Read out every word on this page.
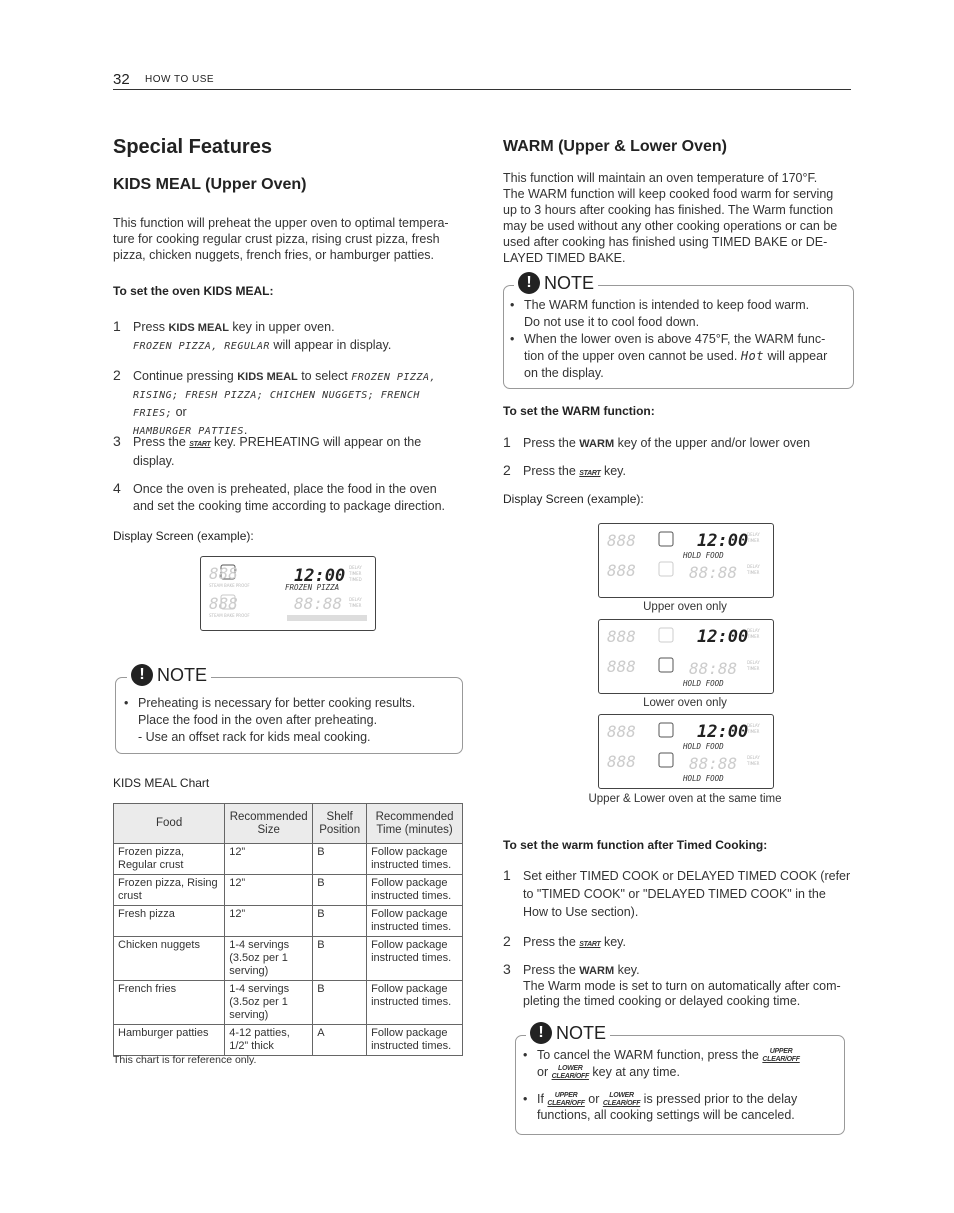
32 HOW TO USE
Special Features
KIDS MEAL (Upper Oven)
This function will preheat the upper oven to optimal tempera-
ture for cooking regular crust pizza, rising crust pizza, fresh
pizza, chicken nuggets, french fries, or hamburger patties.
To set the oven KIDS MEAL:
1 Press KIDS MEAL key in upper oven.
FROZEN PIZZA, REGULAR will appear in display.
2 Continue pressing KIDS MEAL to select FROZEN PIZZA,
RISING; FRESH PIZZA; CHICHEN NUGGETS; FRENCH FRIES; or
HAMBURGER PATTIES.
3 Press the START key. PREHEATING will appear on the
display.
4 Once the oven is preheated, place the food in the oven
and set the cooking time according to package direction.
Display Screen (example):
888
888	88:88
STEAM BAKE PROOF
STEAM BAKE PROOF
DELAY
TIMER
TIMED
DELAY
TIMER
12:00
FROZEN PIZZA
! NOTE
• Preheating is necessary for better cooking results.
Place the food in the oven after preheating.
- Use an offset rack for kids meal cooking.
KIDS MEAL Chart
Food	Recommended Size	Shelf Position	Recommended Time (minutes)
Frozen pizza, Regular crust	12”	B	Follow package instructed times.
Frozen pizza, Rising crust	12”	B	Follow package instructed times.
Fresh pizza	12”	B	Follow package instructed times.
Chicken nuggets	1-4 servings (3.5oz per 1 serving)	B	Follow package instructed times.
French fries	1-4 servings (3.5oz per 1 serving)	B	Follow package instructed times.
Hamburger patties	4-12 patties, 1/2” thick	A	Follow package instructed times.
This chart is for reference only.
WARM (Upper & Lower Oven)
This function will maintain an oven temperature of 170°F.
The WARM function will keep cooked food warm for serving
up to 3 hours after cooking has finished. The Warm function
may be used without any other cooking operations or can be
used after cooking has finished using TIMED BAKE or DE-
LAYED TIMED BAKE.
! NOTE
• The WARM function is intended to keep food warm.
Do not use it to cool food down.
• When the lower oven is above 475°F, the WARM func-
tion of the upper oven cannot be used. Hot will appear
on the display.
To set the WARM function:
1 Press the WARM key of the upper and/or lower oven
2 Press the START key.
Display Screen (example):
888
888
12:00
HOLD FOOD
88:88
DELAY
TIMER
DELAY
TIMER
Upper oven only
888
888
12:00
88:88
HOLD FOOD
DELAY
TIMER
DELAY
TIMER
Lower oven only
888
888
12:00
HOLD FOOD
88:88
HOLD FOOD
DELAY
TIMER
DELAY
TIMER
Upper & Lower oven at the same time
To set the warm function after Timed Cooking:
1 Set either TIMED COOK or DELAYED TIMED COOK (refer
to "TIMED COOK" or "DELAYED TIMED COOK" in the
How to Use section).
2 Press the START key.
3 Press the WARM key.
The Warm mode is set to turn on automatically after com-
pleting the timed cooking or delayed cooking time.
! NOTE
• To cancel the WARM function, press the	UPPER
CLEAR/OFF
or LOWER
CLEAR/OFF key at any time.
• If	UPPER
CLEAR/OFF or LOWER
CLEAR/OFF is pressed prior to the delay
functions, all cooking settings will be canceled.
